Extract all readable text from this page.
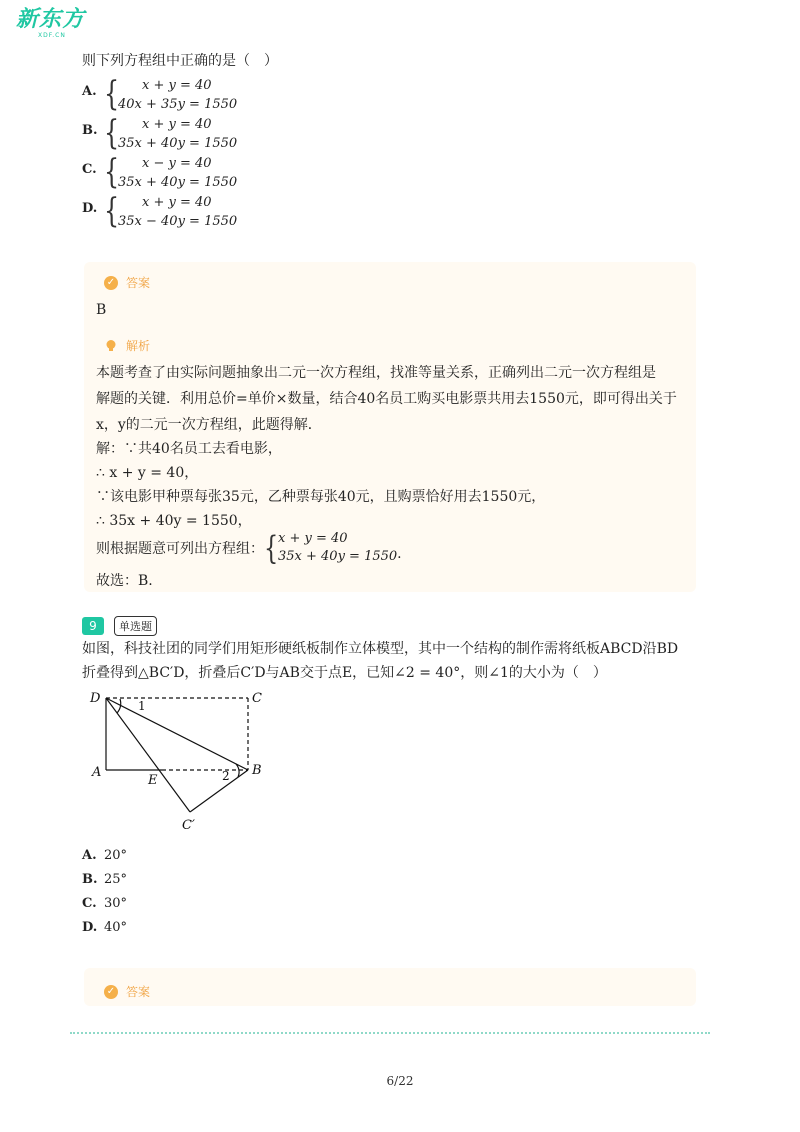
新东方
XDF.CN
则下列方程组中正确的是（　）
A. {	x + y = 40
40x + 35y = 1550
B. {	x + y = 40
35x + 40y = 1550
C. {	x − y = 40
35x + 40y = 1550
D. {	x + y = 40
35x − 40y = 1550
✓ 答案
B
解析
本题考查了由实际问题抽象出二元一次方程组，找准等量关系，正确列出二元一次方程组是
解题的关键．利用总价=单价×数量，结合40名员工购买电影票共用去1550元，即可得出关于
x，y的二元一次方程组，此题得解．
解：∵共40名员工去看电影，
∴ x + y = 40，
∵该电影甲种票每张35元，乙种票每张40元，且购票恰好用去1550元，
∴ 35x + 40y = 1550，
则根据题意可列出方程组： { x + y = 40
35x + 40y = 1550 .
故选：B.
9	单选题
如图，科技社团的同学们用矩形硬纸板制作立体模型，其中一个结构的制作需将纸板ABCD沿BD
折叠得到△BC′D，折叠后C′D与AB交于点E，已知∠2 = 40°，则∠1的大小为（　）
D	C
A
E
B
C′
1
2
A. 20°
B. 25°
C. 30°
D. 40°
✓ 答案
6/22
